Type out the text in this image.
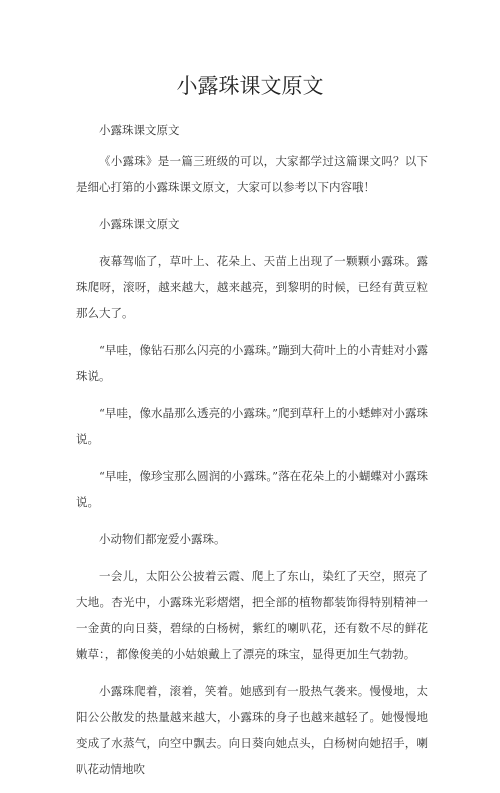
小露珠课文原文

小露珠课文原文

《小露珠》是一篇三班级的可以，大家都学过这篇课文吗？以下是细心打第的小露珠课文原文，大家可以参考以下内容哦！

小露珠课文原文

夜幕驾临了，草叶上、花朵上、天苗上出现了一颗颗小露珠。露珠爬呀，滚呀，越来越大，越来越亮，到黎明的时候，已经有黄豆粒那么大了。

“早哇，像钻石那么闪亮的小露珠。”蹦到大荷叶上的小青蛙对小露珠说。

“早哇，像水晶那么透亮的小露珠。”爬到草秆上的小蟋蟀对小露珠说。

“早哇，像珍宝那么圆润的小露珠。”落在花朵上的小蝴蝶对小露珠说。

小动物们都宠爱小露珠。

一会儿，太阳公公披着云霞、爬上了东山，染红了天空，照亮了大地。杏光中，小露珠光彩熠熠，把全部的植物都装饰得特别精神一一金黄的向日葵，碧绿的白杨树，紫红的喇叭花，还有数不尽的鲜花嫩草：，都像俊美的小姑娘戴上了漂亮的珠宝，显得更加生气勃勃。

小露珠爬着，滚着，笑着。她感到有一股热气袭来。慢慢地，太阳公公散发的热量越来越大，小露珠的身子也越来越轻了。她慢慢地变成了水蒸气，向空中飘去。向日葵向她点头，白杨树向她招手，喇叭花动情地吹
